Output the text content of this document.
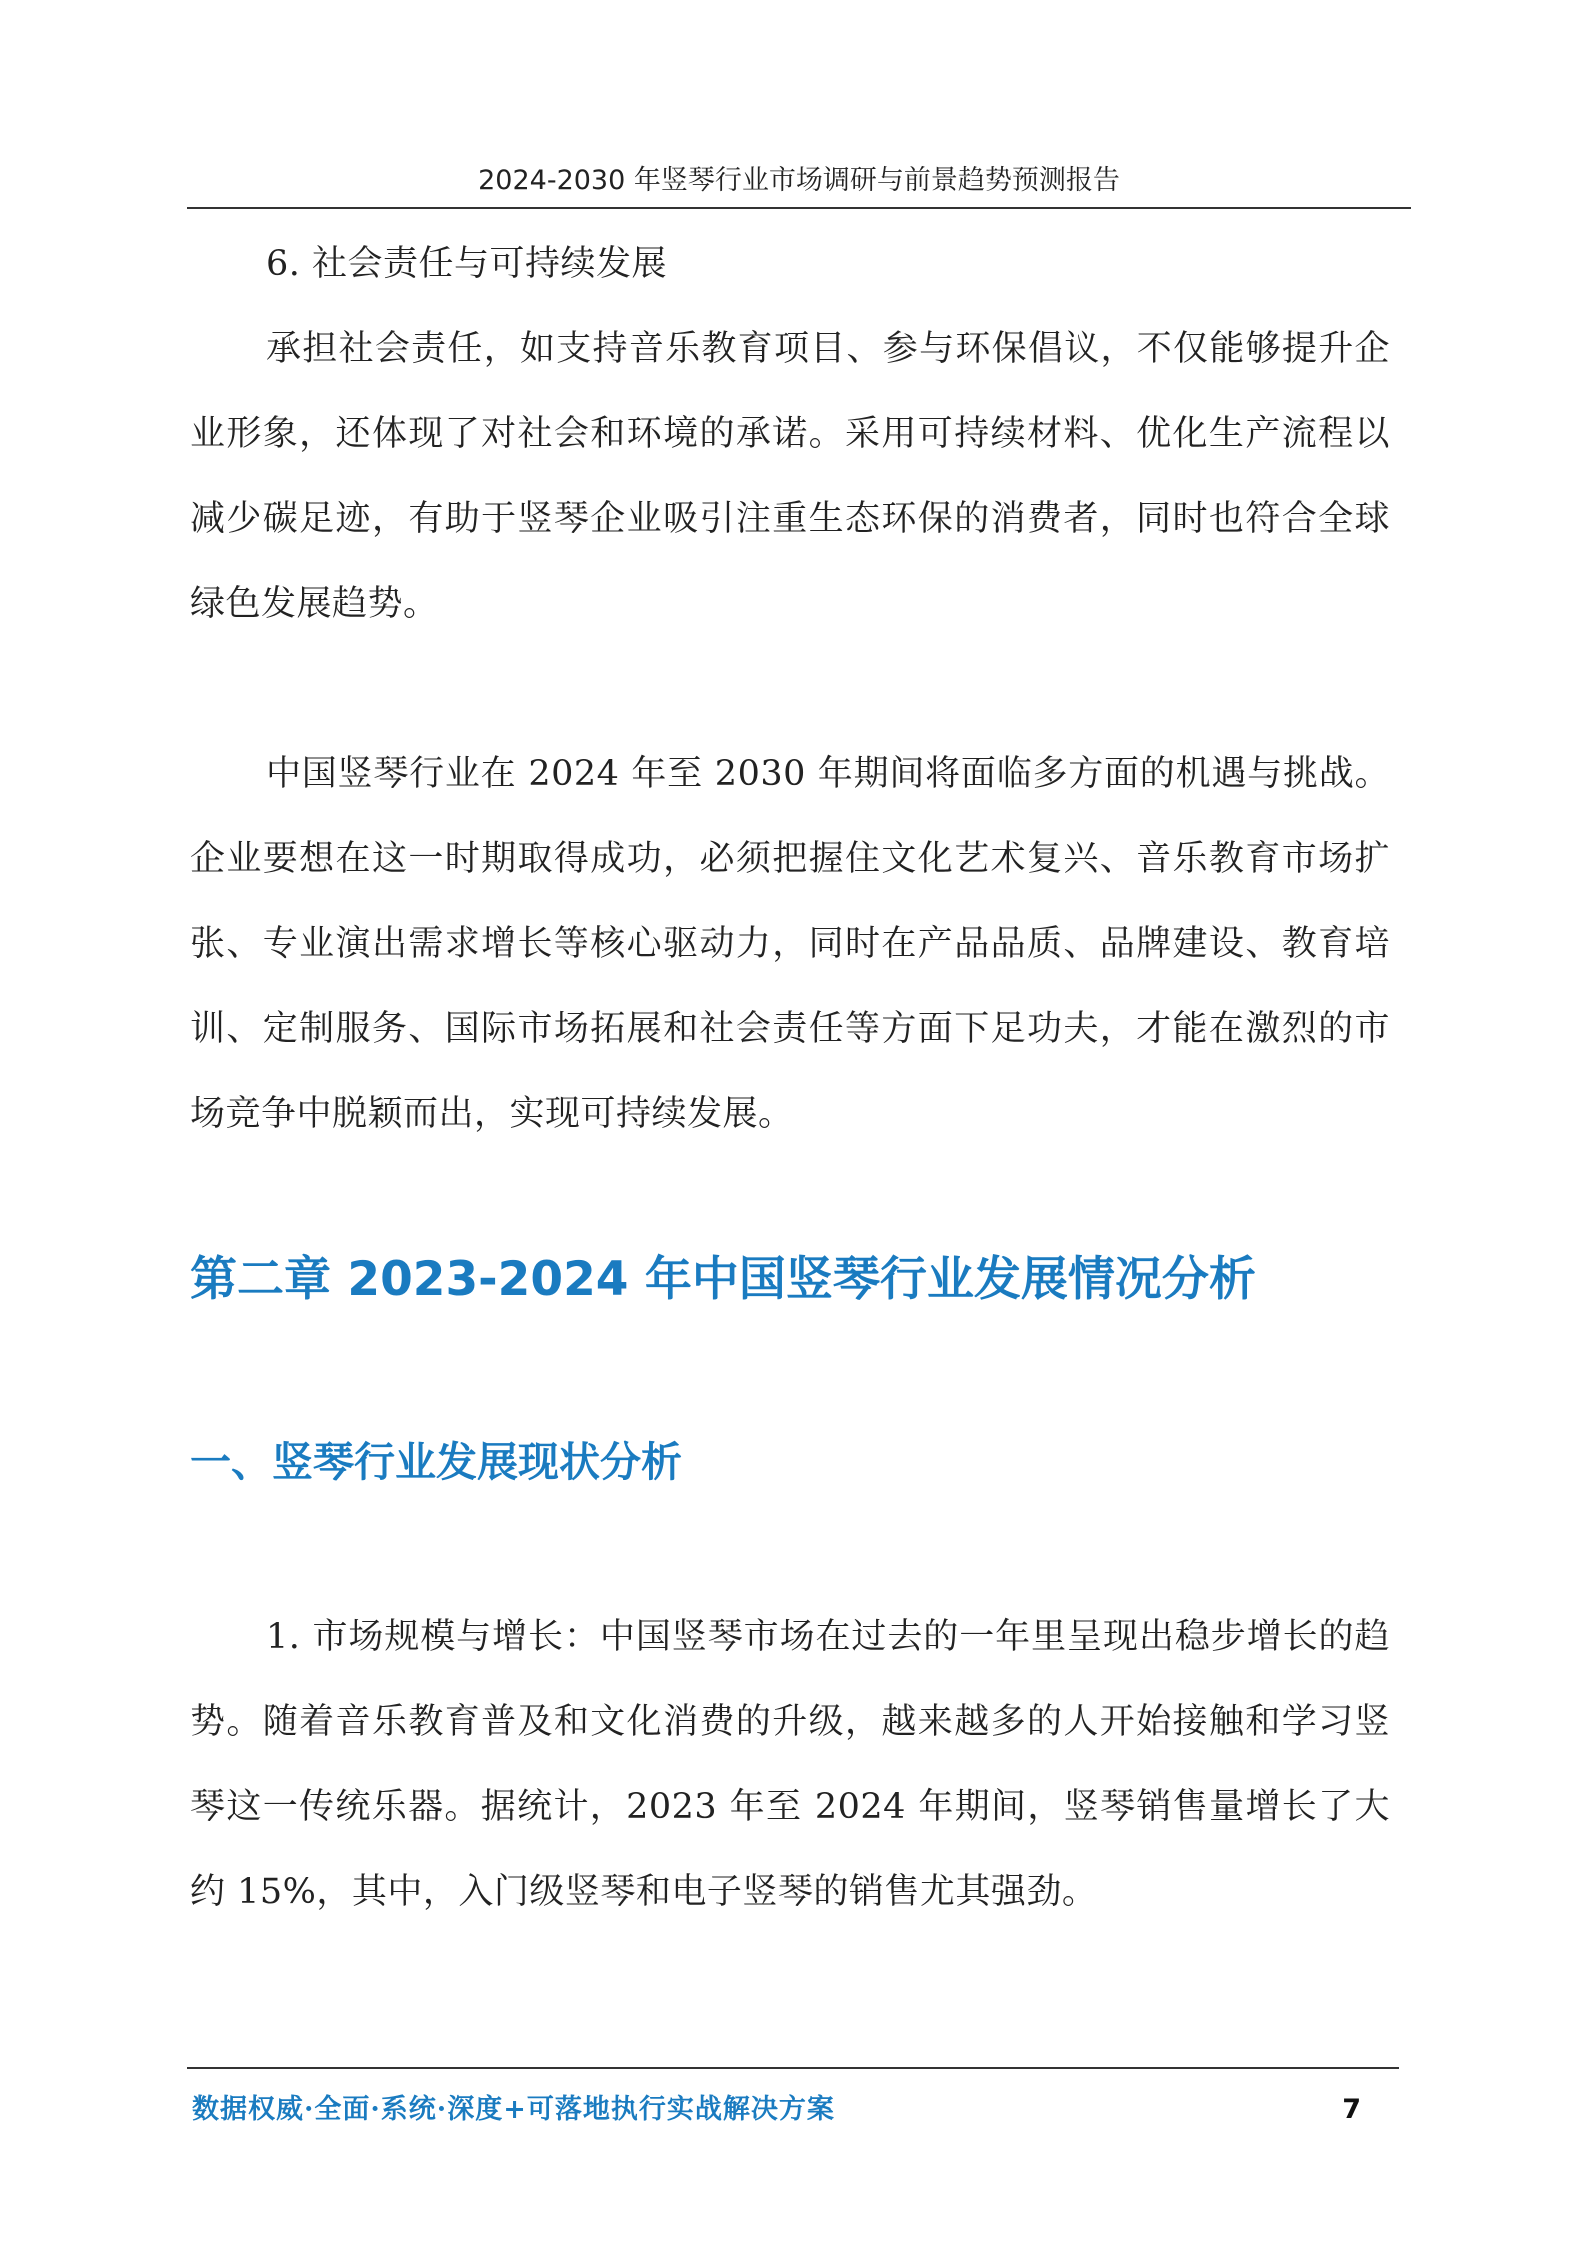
2024-2030 年竖琴行业市场调研与前景趋势预测报告

6. 社会责任与可持续发展

承担社会责任，如支持音乐教育项目、参与环保倡议，不仅能够提升企业形象，还体现了对社会和环境的承诺。采用可持续材料、优化生产流程以减少碳足迹，有助于竖琴企业吸引注重生态环保的消费者，同时也符合全球绿色发展趋势。

中国竖琴行业在 2024 年至 2030 年期间将面临多方面的机遇与挑战。企业要想在这一时期取得成功，必须把握住文化艺术复兴、音乐教育市场扩张、专业演出需求增长等核心驱动力，同时在产品品质、品牌建设、教育培训、定制服务、国际市场拓展和社会责任等方面下足功夫，才能在激烈的市场竞争中脱颖而出，实现可持续发展。

第二章 2023-2024 年中国竖琴行业发展情况分析
一、竖琴行业发展现状分析

1. 市场规模与增长：中国竖琴市场在过去的一年里呈现出稳步增长的趋势。随着音乐教育普及和文化消费的升级，越来越多的人开始接触和学习竖琴这一传统乐器。据统计，2023 年至 2024 年期间，竖琴销售量增长了大约 15%，其中，入门级竖琴和电子竖琴的销售尤其强劲。

数据权威·全面·系统·深度+可落地执行实战解决方案	7
